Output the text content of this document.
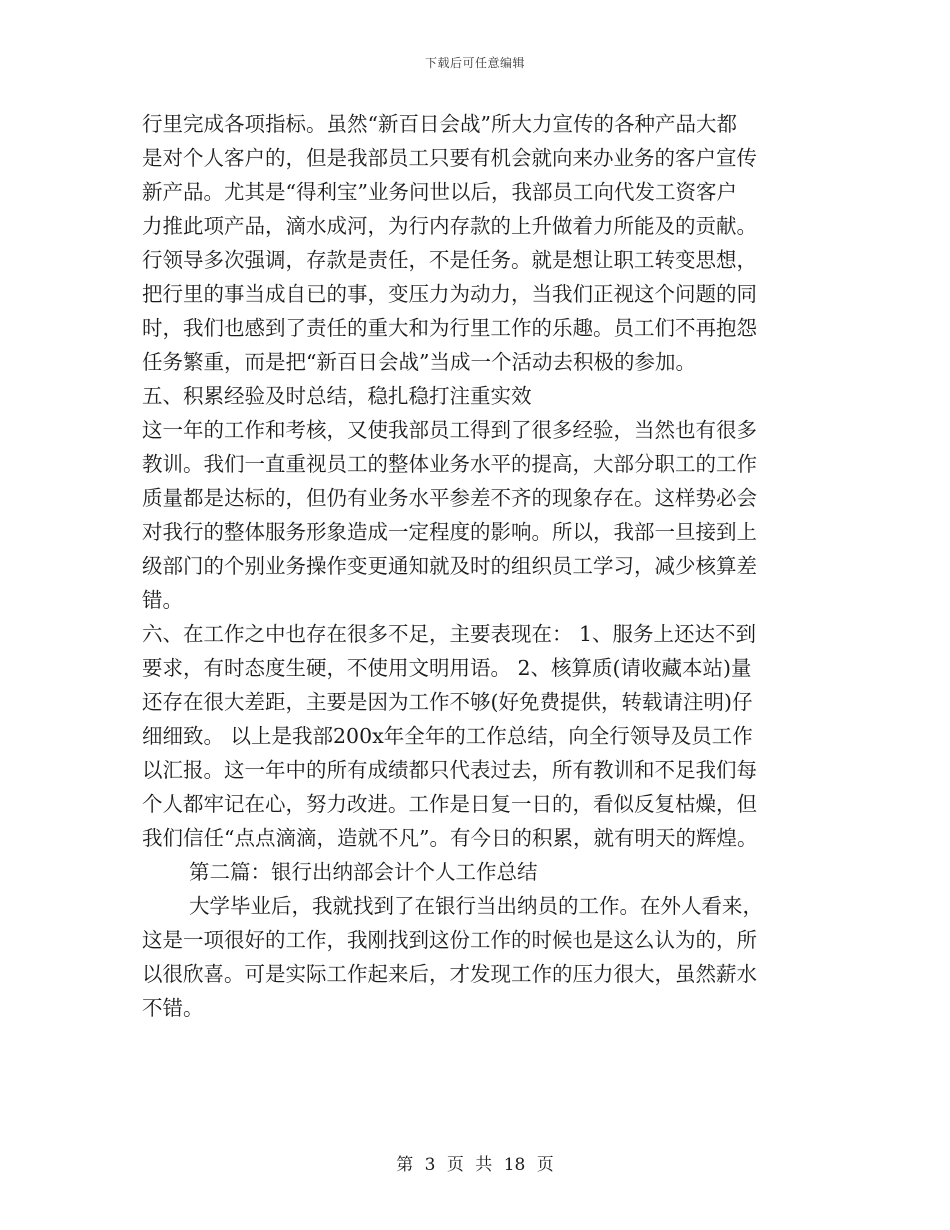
下载后可任意编辑
行里完成各项指标。虽然“新百日会战”所大力宣传的各种产品大都
是对个人客户的，但是我部员工只要有机会就向来办业务的客户宣传
新产品。尤其是“得利宝”业务问世以后，我部员工向代发工资客户
力推此项产品，滴水成河，为行内存款的上升做着力所能及的贡献。
行领导多次强调，存款是责任，不是任务。就是想让职工转变思想，
把行里的事当成自已的事，变压力为动力，当我们正视这个问题的同
时，我们也感到了责任的重大和为行里工作的乐趣。员工们不再抱怨
任务繁重，而是把“新百日会战”当成一个活动去积极的参加。
五、积累经验及时总结，稳扎稳打注重实效
这一年的工作和考核，又使我部员工得到了很多经验，当然也有很多
教训。我们一直重视员工的整体业务水平的提高，大部分职工的工作
质量都是达标的，但仍有业务水平参差不齐的现象存在。这样势必会
对我行的整体服务形象造成一定程度的影响。所以，我部一旦接到上
级部门的个别业务操作变更通知就及时的组织员工学习，减少核算差
错。
六、在工作之中也存在很多不足，主要表现在： 1、服务上还达不到
要求，有时态度生硬，不使用文明用语。 2、核算质(请收藏本站)量
还存在很大差距，主要是因为工作不够(好免费提供，转载请注明)仔
细细致。 以上是我部200x年全年的工作总结，向全行领导及员工作
以汇报。这一年中的所有成绩都只代表过去，所有教训和不足我们每
个人都牢记在心，努力改进。工作是日复一日的，看似反复枯燥，但
我们信任“点点滴滴，造就不凡”。有今日的积累，就有明天的辉煌。
第二篇：银行出纳部会计个人工作总结
大学毕业后，我就找到了在银行当出纳员的工作。在外人看来，
这是一项很好的工作，我刚找到这份工作的时候也是这么认为的，所
以很欣喜。可是实际工作起来后，才发现工作的压力很大，虽然薪水
不错。
第 3 页 共 18 页
